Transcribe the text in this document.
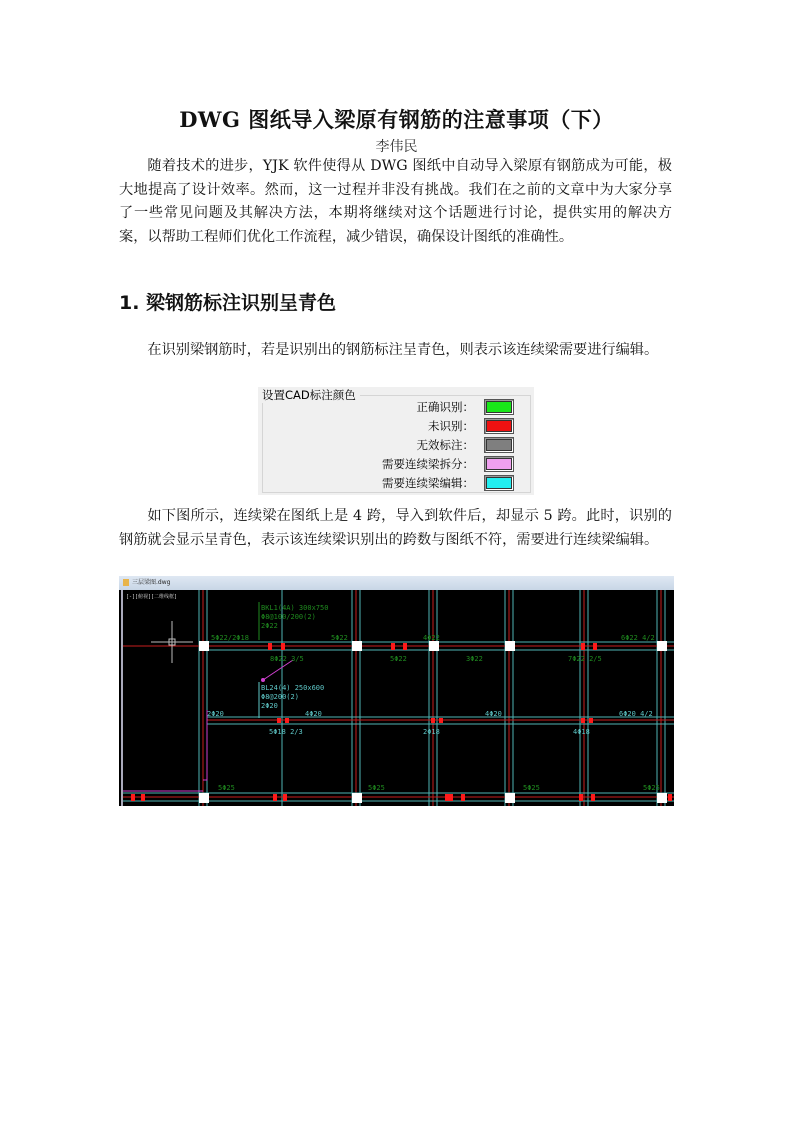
DWG 图纸导入梁原有钢筋的注意事项（下）
李伟民
随着技术的进步，YJK 软件使得从 DWG 图纸中自动导入梁原有钢筋成为可能，极大地提高了设计效率。然而，这一过程并非没有挑战。我们在之前的文章中为大家分享了一些常见问题及其解决方法，本期将继续对这个话题进行讨论，提供实用的解决方案，以帮助工程师们优化工作流程，减少错误，确保设计图纸的准确性。
1. 梁钢筋标注识别呈青色
在识别梁钢筋时，若是识别出的钢筋标注呈青色，则表示该连续梁需要进行编辑。
设置CAD标注颜色
正确识别：
未识别：
无效标注：
需要连续梁拆分：
需要连续梁编辑：
如下图所示，连续梁在图纸上是 4 跨，导入到软件后，却显示 5 跨。此时，识别的钢筋就会显示呈青色，表示该连续梁识别出的跨数与图纸不符，需要进行连续梁编辑。
三层梁图.dwg
[-][俯视][二维线框]
BKL1(4A) 300x750
Φ8@100/200(2)
2Φ22
5Φ22/2Φ18	5Φ22	4Φ22	6Φ22 4/2
8Φ22 3/5	5Φ22	3Φ22	7Φ22 2/5
5Φ25	5Φ25	5Φ25	5Φ25
BL24(4) 250x600
Φ8@200(2)
2Φ20
2Φ20	4Φ20	4Φ20	6Φ20 4/2
5Φ18 2/3	2Φ18	4Φ18
